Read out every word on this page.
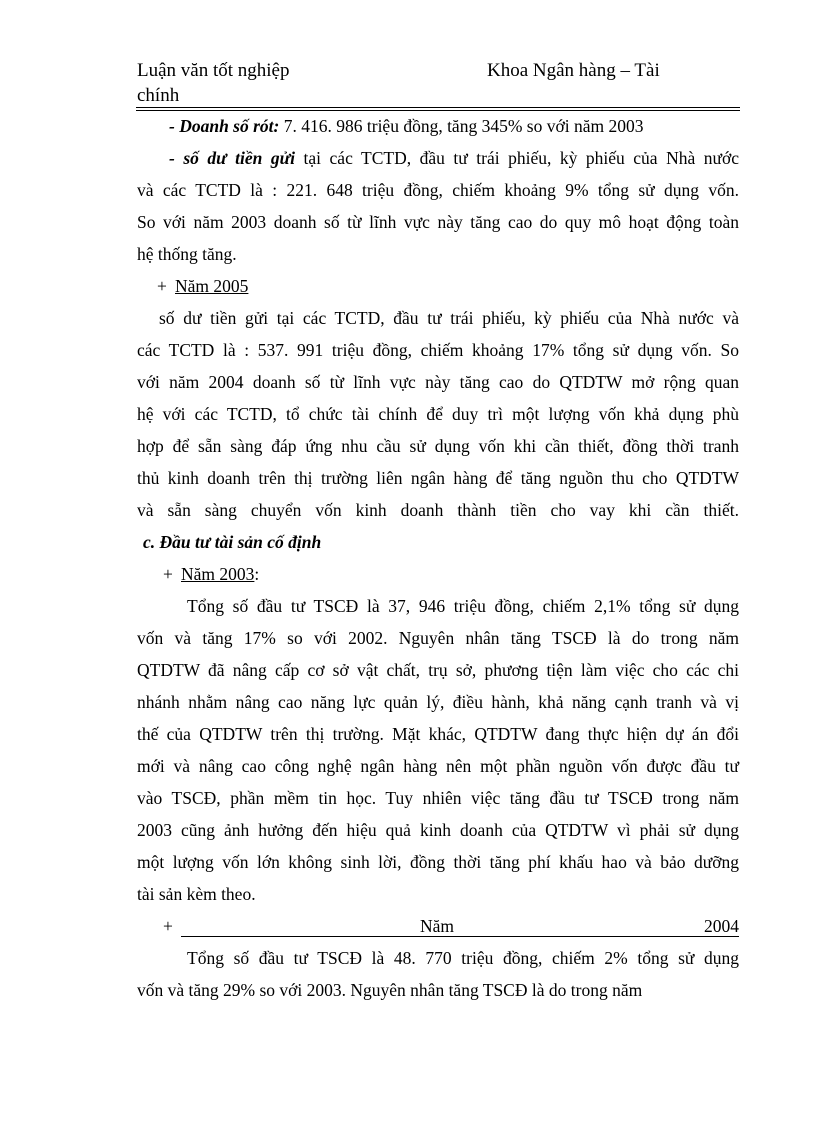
Luận văn tốt nghiệp
chính
Khoa Ngân hàng – Tài
- Doanh số rót: 7. 416. 986 triệu đồng, tăng 345% so với năm 2003
- số dư tiền gửi tại các TCTD, đầu tư trái phiếu, kỳ phiếu của Nhà nước
và các TCTD là : 221. 648 triệu đồng, chiếm khoảng 9% tổng sử dụng vốn.
So với năm 2003 doanh số từ lĩnh vực này tăng cao do quy mô hoạt động toàn
hệ thống tăng.
+ Năm 2005
số dư tiền gửi tại các TCTD, đầu tư trái phiếu, kỳ phiếu của Nhà nước và
các TCTD là : 537. 991 triệu đồng, chiếm khoảng 17% tổng sử dụng vốn. So
với năm 2004 doanh số từ lĩnh vực này tăng cao do QTDTW mở rộng quan
hệ với các TCTD, tổ chức tài chính để duy trì một lượng vốn khả dụng phù
hợp để sẵn sàng đáp ứng nhu cầu sử dụng vốn khi cần thiết, đồng thời tranh
thủ kinh doanh trên thị trường liên ngân hàng để tăng nguồn thu cho QTDTW
và sẵn sàng chuyển vốn kinh doanh thành tiền cho vay khi cần thiết.
c. Đầu tư tài sản cố định
+ Năm 2003:
Tổng số đầu tư TSCĐ là 37, 946 triệu đồng, chiếm 2,1% tổng sử dụng
vốn và tăng 17% so với 2002. Nguyên nhân tăng TSCĐ là do trong năm
QTDTW đã nâng cấp cơ sở vật chất, trụ sở, phương tiện làm việc cho các chi
nhánh nhằm nâng cao năng lực quản lý, điều hành, khả năng cạnh tranh và vị
thế của QTDTW trên thị trường. Mặt khác, QTDTW đang thực hiện dự án đổi
mới và nâng cao công nghệ ngân hàng nên một phần nguồn vốn được đầu tư
vào TSCĐ, phần mềm tin học. Tuy nhiên việc tăng đầu tư TSCĐ trong năm
2003 cũng ảnh hưởng đến hiệu quả kinh doanh của QTDTW vì phải sử dụng
một lượng vốn lớn không sinh lời, đồng thời tăng phí khấu hao và bảo dưỡng
tài sản kèm theo.
+	Năm	2004
Tổng số đầu tư TSCĐ là 48. 770 triệu đồng, chiếm 2% tổng sử dụng
vốn và tăng 29% so với 2003. Nguyên nhân tăng TSCĐ là do trong năm
